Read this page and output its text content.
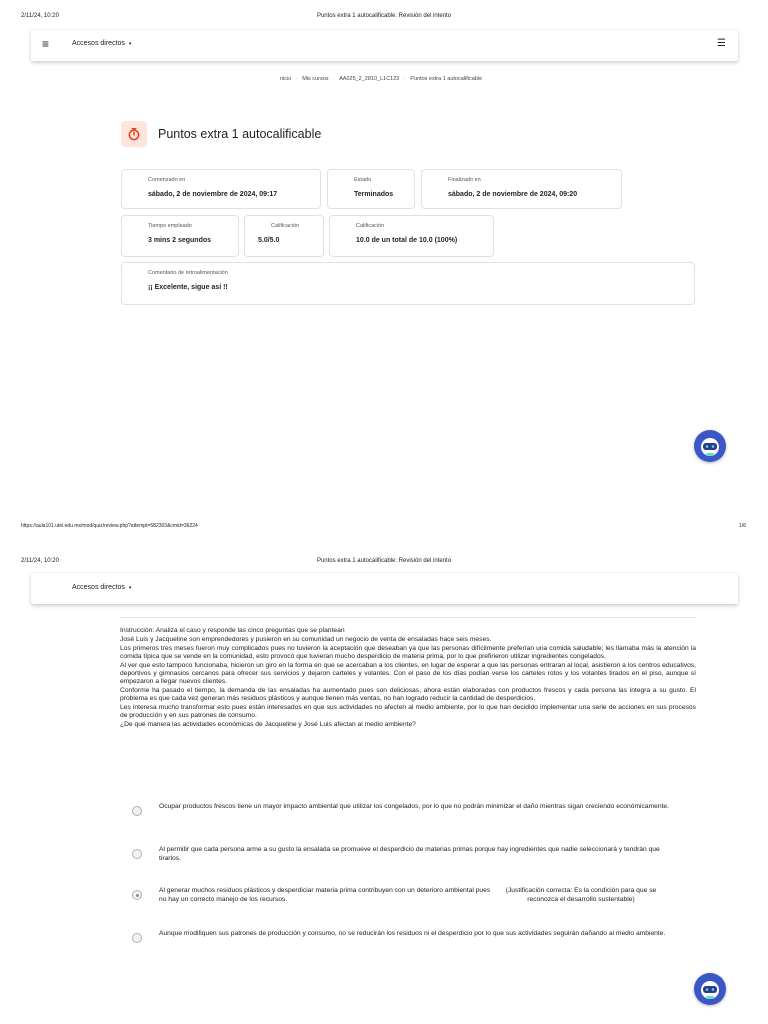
2/11/24, 10:20	Puntos extra 1 autocalificable: Revisión del intento
≡	Accesos directos ▾	☰
nicio · Mis cursos · AA025_2_2810_L1C123 · Puntos extra 1 autocalificable
Puntos extra 1 autocalificable
Comenzado en
sábado, 2 de noviembre de 2024, 09:17
Estado
Terminados
Finalizado en
sábado, 2 de noviembre de 2024, 09:20
Tiempo empleado
3 mins 2 segundos
Calificación
5.0/5.0
Calificación
10.0 de un total de 10.0 (100%)
Comentario de retroalimentación
¡¡ Excelente, sigue así !!
https://aula101.utel.edu.mx/mod/quiz/review.php?attempt=582303&cmid=36224	1/6
2/11/24, 10:20	Puntos extra 1 autocalificable: Revisión del intento
Accesos directos ▾

Instrucción: Analiza el caso y responde las cinco preguntas que se plantean

José Luis y Jacqueline son emprendedores y pusieron en su comunidad un negocio de venta de ensaladas hace seis meses.

Los primeros tres meses fueron muy complicados pues no tuvieron la aceptación que deseaban ya que las personas difícilmente preferían una comida saludable; les llamaba más la atención la comida típica que se vende en la comunidad, esto provocó que tuvieran mucho desperdicio de materia prima, por lo que prefirieron utilizar ingredientes congelados.

Al ver que esto tampoco funcionaba, hicieron un giro en la forma en que se acercaban a los clientes, en lugar de esperar a que las personas entraran al local, asistieron a los centros educativos, deportivos y gimnasios cercanos para ofrecer sus servicios y dejaron carteles y volantes. Con el paso de los días podían verse los carteles rotos y los volantes tirados en el piso, aunque sí empezaron a llegar nuevos clientes.

Conforme ha pasado el tiempo, la demanda de las ensaladas ha aumentado pues son deliciosas, ahora están elaboradas con productos frescos y cada persona las integra a su gusto. El problema es que cada vez generan más residuos plásticos y aunque tienen más ventas, no han logrado reducir la cantidad de desperdicios.

Les interesa mucho transformar esto pues están interesados en que sus actividades no afecten al medio ambiente, por lo que han decidido implementar una serie de acciones en sus procesos de producción y en sus patrones de consumo.

¿De qué manera las actividades económicas de Jacqueline y José Luis afectan al medio ambiente?

Ocupar productos frescos tiene un mayor impacto ambiental que utilizar los congelados, por lo que no podrán minimizar el daño mientras sigan creciendo económicamente.
Al permitir que cada persona arme a su gusto la ensalada se promueve el desperdicio de materias primas porque hay ingredientes que nadie seleccionará y tendrán que tirarlos.
Al generar muchos residuos plásticos y desperdiciar materia prima contribuyen con un deterioro ambiental pues no hay un correcto manejo de los recursos.
(Justificación correcta: Es la condición para que se reconozca el desarrollo sustentable)
Aunque modifiquen sus patrones de producción y consumo, no se reducirán los residuos ni el desperdicio por lo que sus actividades seguirán dañando al medio ambiente.
